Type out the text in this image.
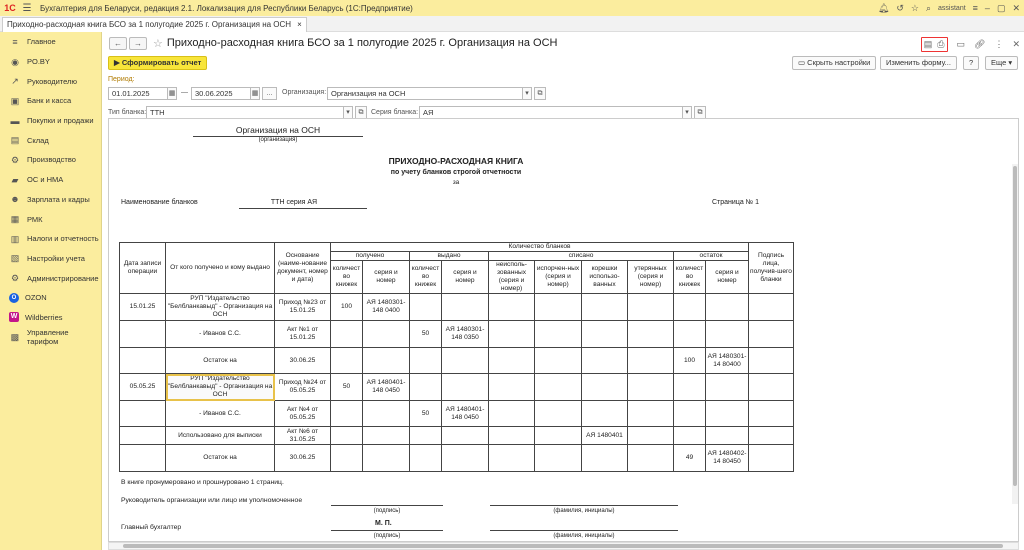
1С ☰	Бухгалтерия для Беларуси, редакция 2.1. Локализация для Республики Беларусь (1С:Предприятие)	🔔︎ ↺ ☆ ⌕ assistant ≡ – ▢ ✕
Приходно-расходная книга БСО за 1 полугодие 2025 г. Организация на ОСН ×
≡	Главное
◉ PO.BY
↗ Руководителю
▣ Банк и касса
▬ Покупки и продажи
▤ Склад
⚙ Производство
▰	ОС и НМА
☻ Зарплата и кадры
▦ РМК
▥ Налоги и отчетность
▧ Настройки учета
⚙ Администрирование
O	OZON
W Wildberries
▩ Управление тарифом
←	→	☆ Приходно-расходная книга БСО за 1 полугодие 2025 г. Организация на ОСН	▤ ⎙ ▭ 🔗︎ ⋮ ✕
▶ Сформировать отчет	▭ Скрыть настройки	Изменить форму...	?	Еще ▾
Период:
01.01.2025	▦ — 30.06.2025	▦	...	Организация: Организация на ОСН	▾	⧉
Тип бланка: ТТН	▾	⧉	Серия бланка: АЯ	▾	⧉
Организация на ОСН
(организация)
ПРИХОДНО-РАСХОДНАЯ КНИГА
по учету бланков строгой отчетности
за
Наименование бланков	ТТН серия АЯ	Страница № 1
Дата записи операции	От кого получено и кому выдано	Основание (наиме-нование документ, номер и дата)	Количество бланков										Подпись лица, получив-шего бланки
			получено		выдано		списано				остаток		
			количест во книжек	серия и номер	количест во книжек	серия и номер	неисполь-зованных (серия и номер)	испорчен-ных (серия и номер)	корешки использо-ванных	утерянных (серия и номер)	количест во книжек	серия и номер	
15.01.25	РУП "Издательство "Белбланкавыд" - Организация на ОСН	Приход №23 от 15.01.25	100	АЯ 1480301-148 0400									
	- Иванов С.С.	Акт №1 от 15.01.25			50	АЯ 1480301-148 0350							
	Остаток на	30.06.25									100	АЯ 1480301-14 80400	
05.05.25	РУП "Издательство "Белбланкавыд" - Организация на ОСН	Приход №24 от 05.05.25	50	АЯ 1480401-148 0450									
	- Иванов С.С.	Акт №4 от 05.05.25			50	АЯ 1480401-148 0450							
	Использовано для выписки	Акт №6 от 31.05.25							АЯ 1480401				
	Остаток на	30.06.25									49	АЯ 1480402-14 80450	
В книге пронумеровано и прошнуровано 1 страниц.
Руководитель организации или лицо им уполномоченное
(подпись)	(фамилия, инициалы)
Главный бухгалтер
(подпись)	(фамилия, инициалы)
М. П.
